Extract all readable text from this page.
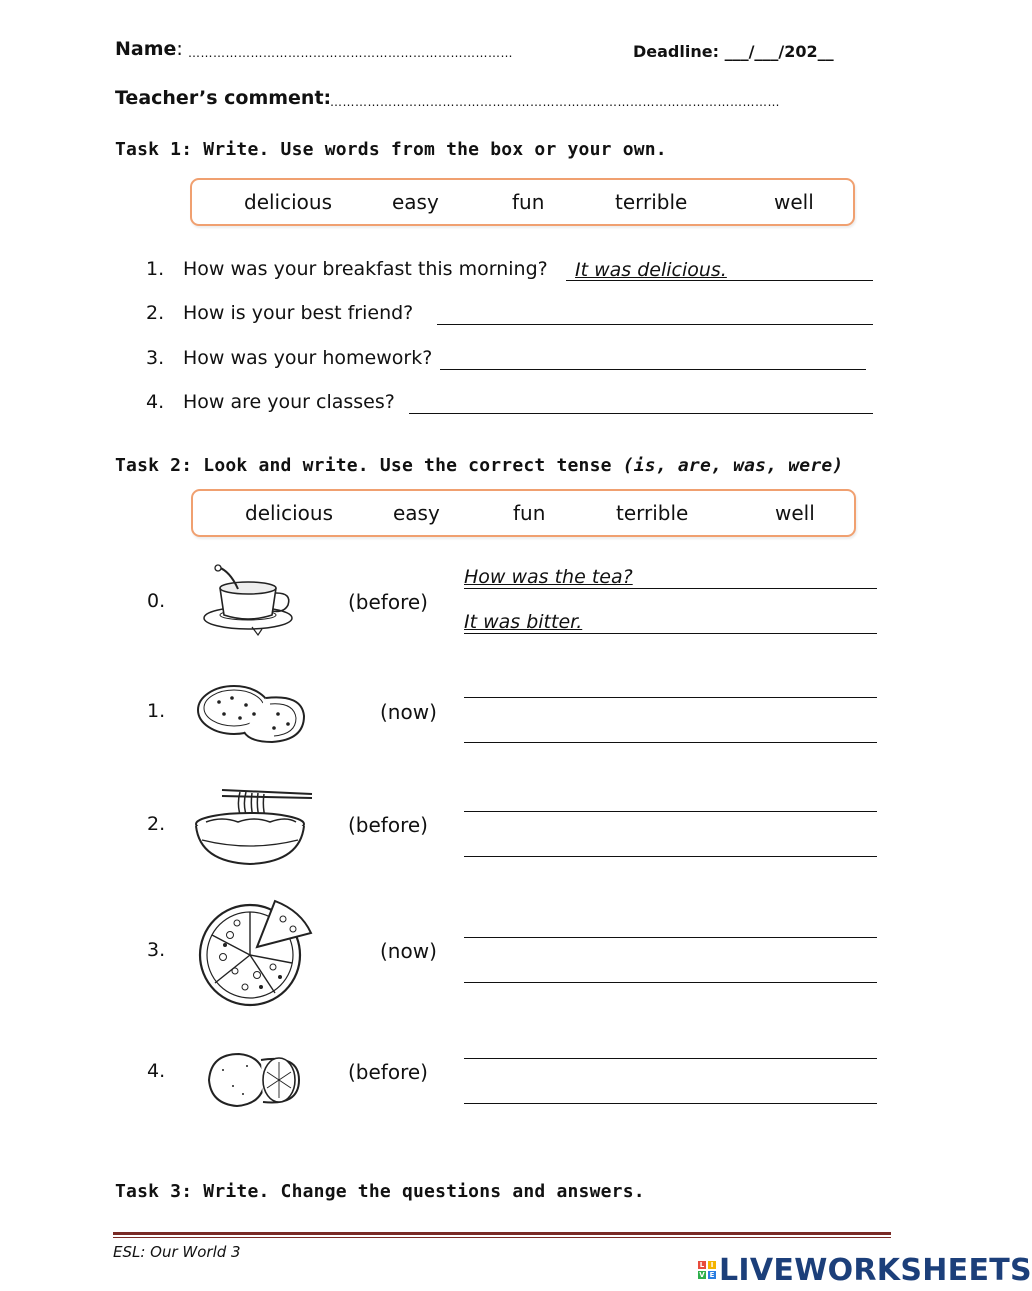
Name: ……………………………………………………………………	Deadline: ___/___/202__
Teacher’s comment:
………………………………………………………………………………………………
Task 1: Write. Use words from the box or your own.
delicious	easy	fun	terrible	well
1. How was your breakfast this morning? It was delicious.
2. How is your best friend?
3. How was your homework?
4. How are your classes?
Task 2: Look and write. Use the correct tense (is, are, was, were)
delicious	easy	fun	terrible	well
0.	(before)
How was the tea?
It was bitter.
1.	(now)
2.	(before)
3.	(now)
4.	(before)
Task 3: Write. Change the questions and answers.
ESL: Our World 3
L I
V E LIVEWORKSHEETS
